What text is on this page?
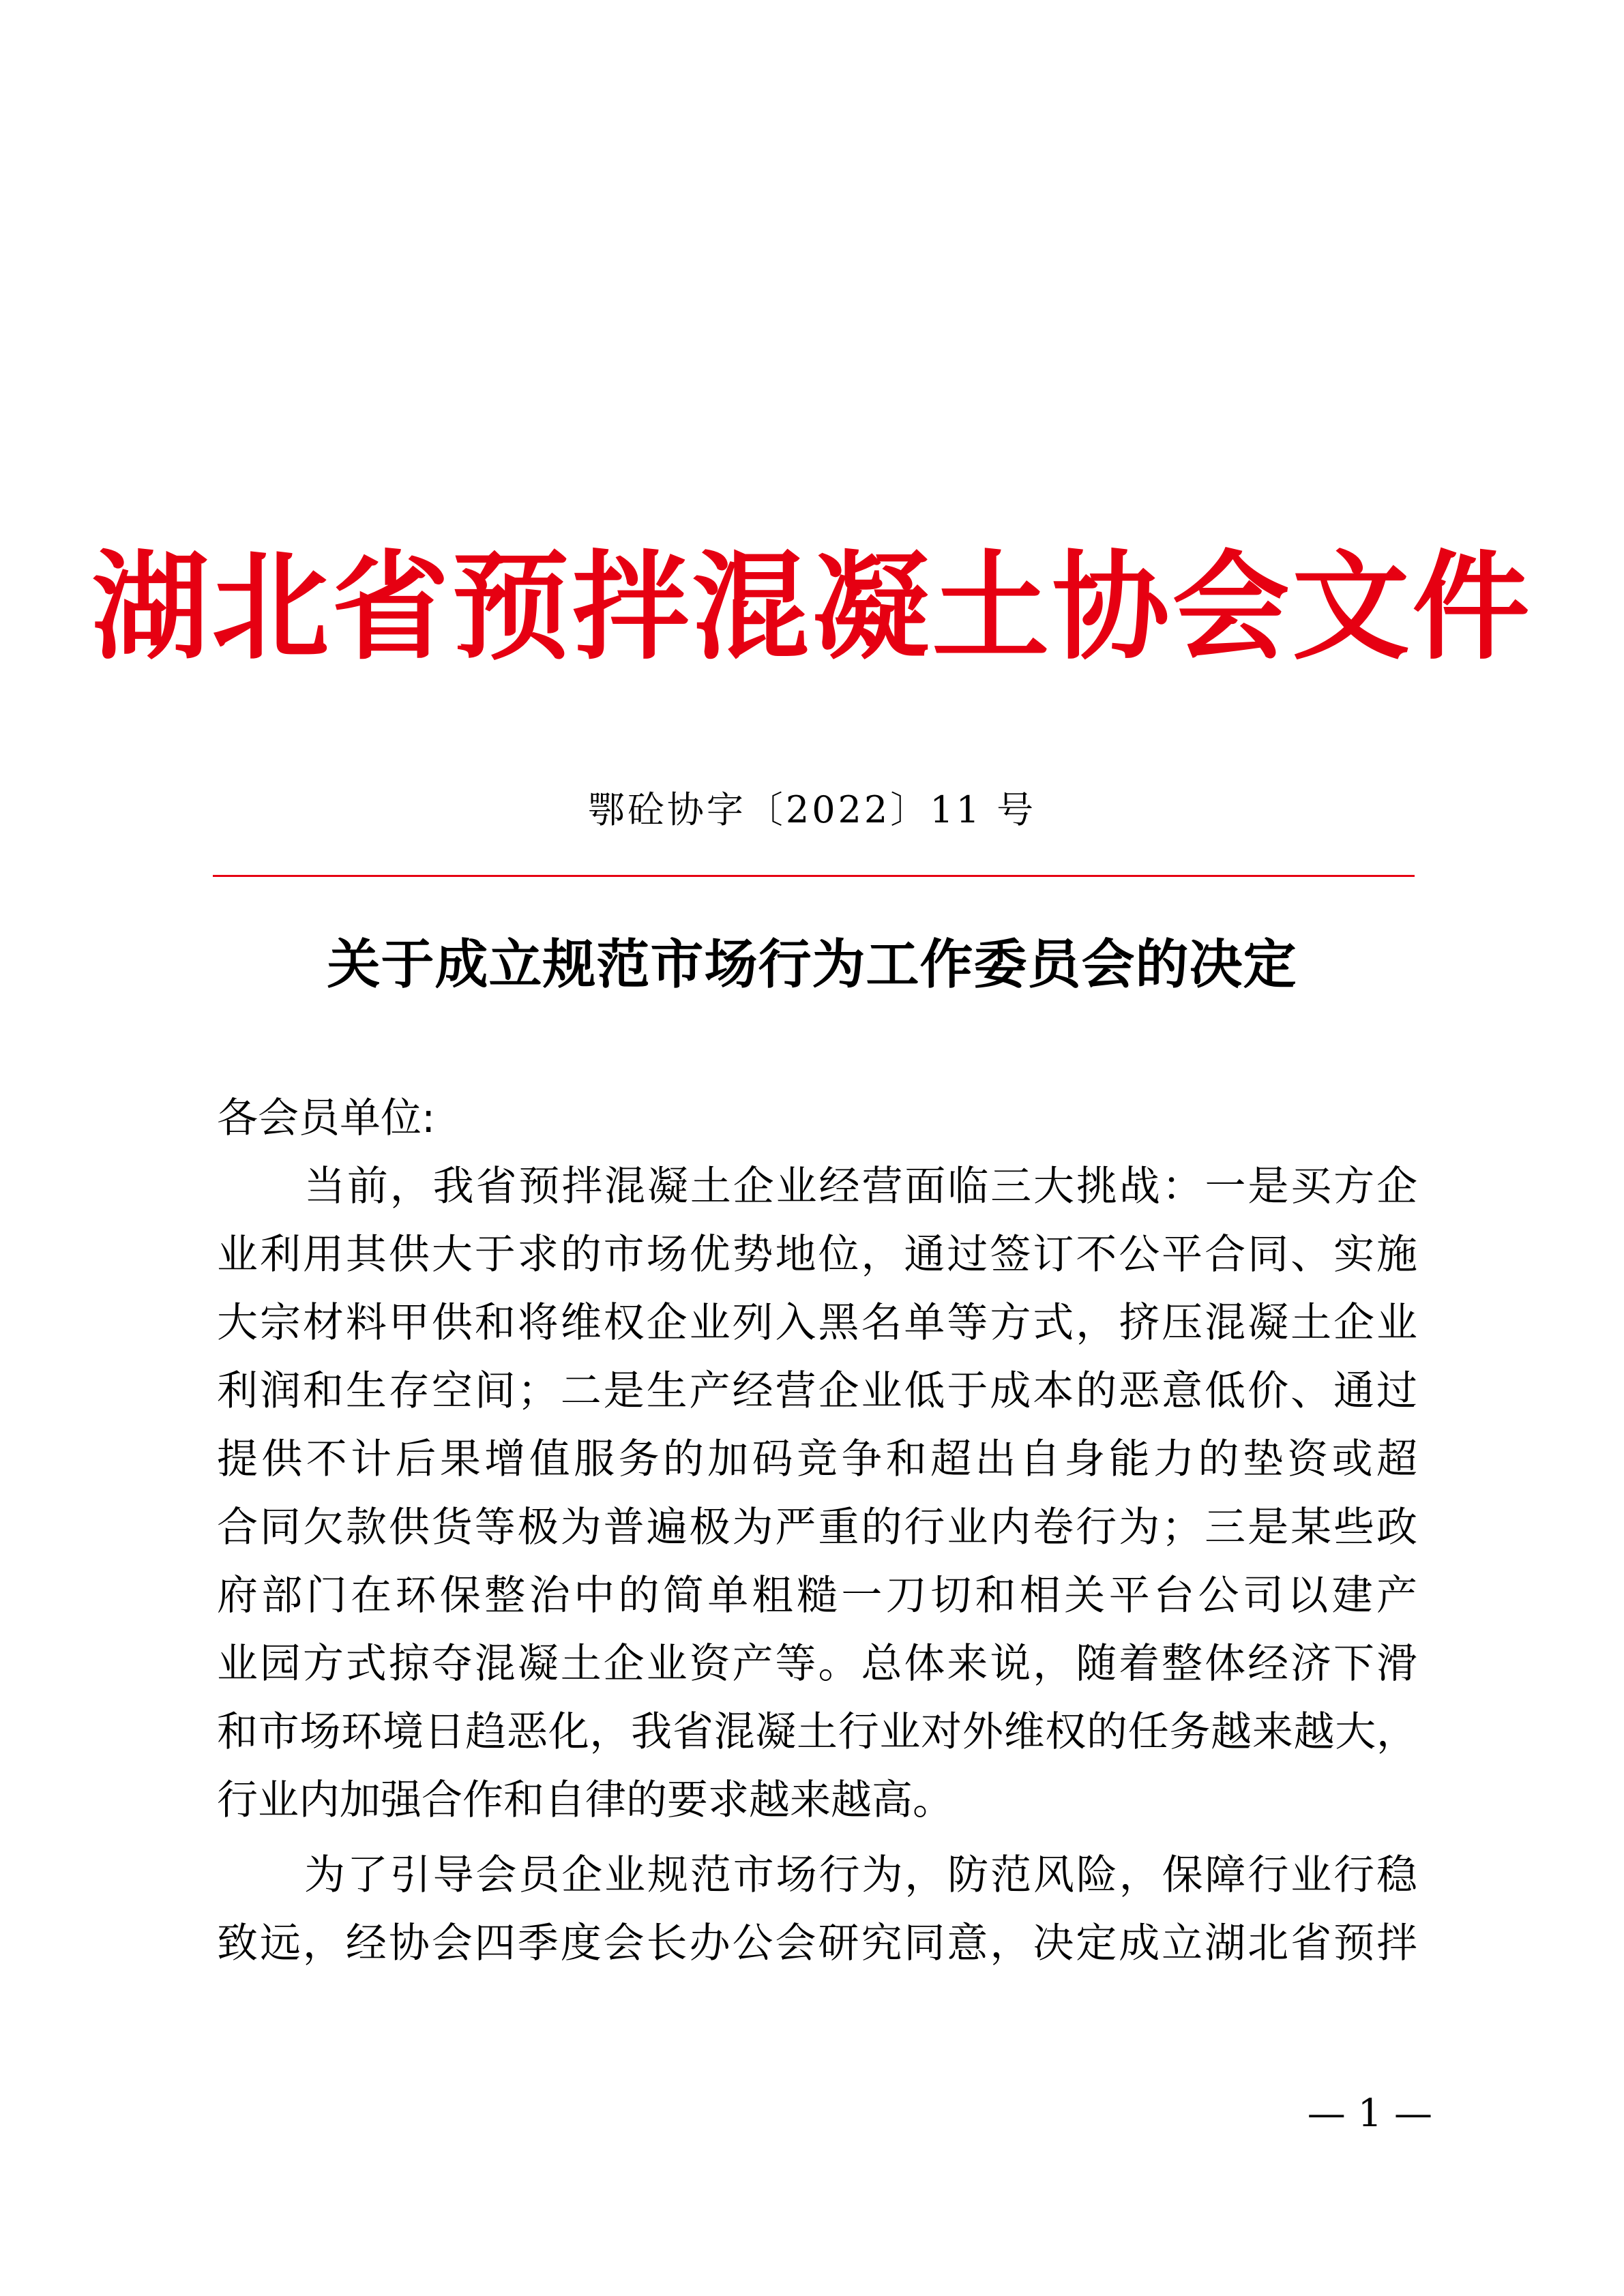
湖北省预拌混凝土协会文件
鄂砼协字〔2022〕11 号
关于成立规范市场行为工作委员会的决定
各会员单位:
当前，我省预拌混凝土企业经营面临三大挑战：一是买方企
业利用其供大于求的市场优势地位，通过签订不公平合同、实施
大宗材料甲供和将维权企业列入黑名单等方式，挤压混凝土企业
利润和生存空间；二是生产经营企业低于成本的恶意低价、通过
提供不计后果增值服务的加码竞争和超出自身能力的垫资或超
合同欠款供货等极为普遍极为严重的行业内卷行为；三是某些政
府部门在环保整治中的简单粗糙一刀切和相关平台公司以建产
业园方式掠夺混凝土企业资产等。总体来说，随着整体经济下滑
和市场环境日趋恶化，我省混凝土行业对外维权的任务越来越大，
行业内加强合作和自律的要求越来越高。
为了引导会员企业规范市场行为，防范风险，保障行业行稳
致远，经协会四季度会长办公会研究同意，决定成立湖北省预拌
— 1 —
